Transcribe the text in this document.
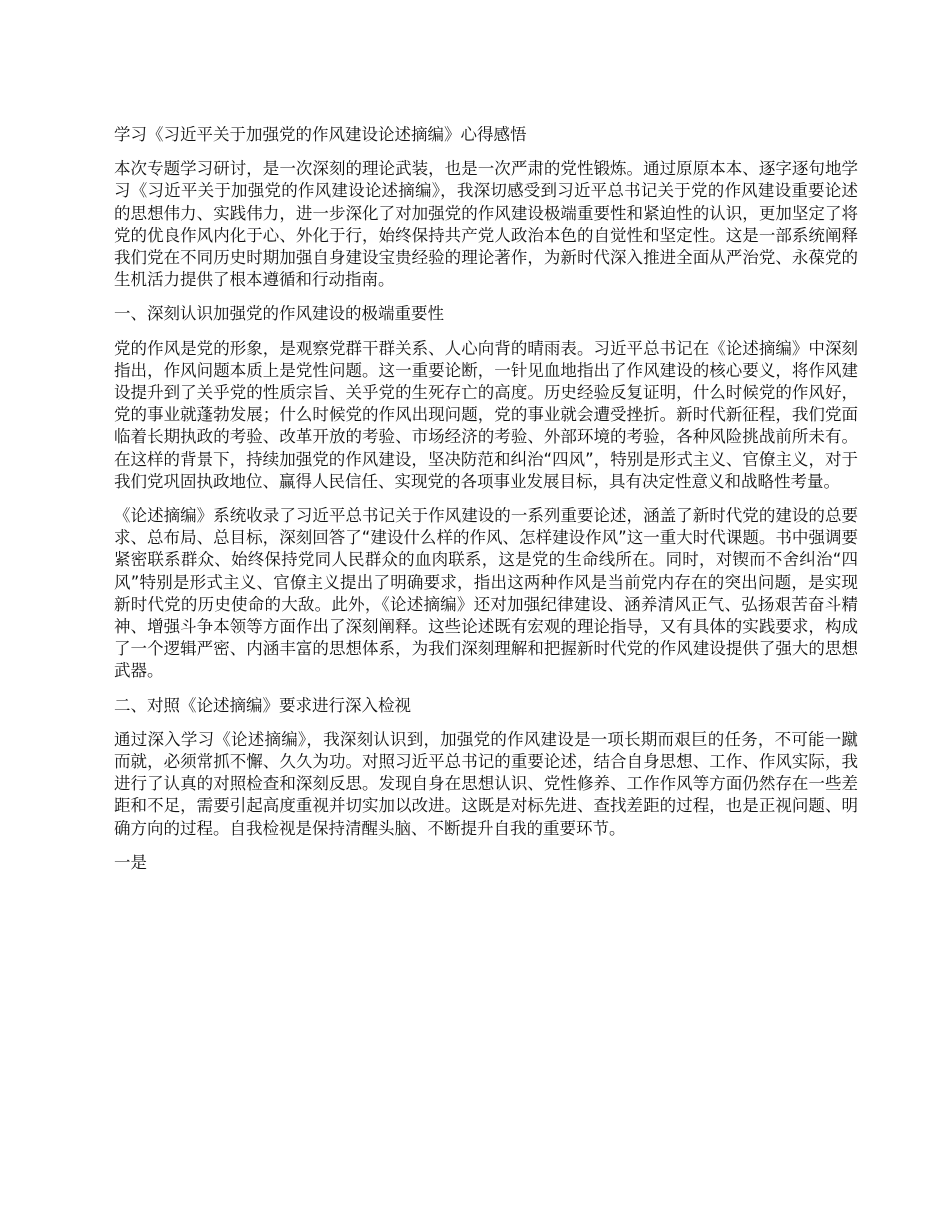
学习《习近平关于加强党的作风建设论述摘编》心得感悟

本次专题学习研讨，是一次深刻的理论武装，也是一次严肃的党性锻炼。通过原原本本、逐字逐句地学习《习近平关于加强党的作风建设论述摘编》，我深切感受到习近平总书记关于党的作风建设重要论述的思想伟力、实践伟力，进一步深化了对加强党的作风建设极端重要性和紧迫性的认识，更加坚定了将党的优良作风内化于心、外化于行，始终保持共产党人政治本色的自觉性和坚定性。这是一部系统阐释我们党在不同历史时期加强自身建设宝贵经验的理论著作，为新时代深入推进全面从严治党、永葆党的生机活力提供了根本遵循和行动指南。

一、深刻认识加强党的作风建设的极端重要性

党的作风是党的形象，是观察党群干群关系、人心向背的晴雨表。习近平总书记在《论述摘编》中深刻指出，作风问题本质上是党性问题。这一重要论断，一针见血地指出了作风建设的核心要义，将作风建设提升到了关乎党的性质宗旨、关乎党的生死存亡的高度。历史经验反复证明，什么时候党的作风好，党的事业就蓬勃发展；什么时候党的作风出现问题，党的事业就会遭受挫折。新时代新征程，我们党面临着长期执政的考验、改革开放的考验、市场经济的考验、外部环境的考验，各种风险挑战前所未有。在这样的背景下，持续加强党的作风建设，坚决防范和纠治“四风”，特别是形式主义、官僚主义，对于我们党巩固执政地位、赢得人民信任、实现党的各项事业发展目标，具有决定性意义和战略性考量。

《论述摘编》系统收录了习近平总书记关于作风建设的一系列重要论述，涵盖了新时代党的建设的总要求、总布局、总目标，深刻回答了“建设什么样的作风、怎样建设作风”这一重大时代课题。书中强调要紧密联系群众、始终保持党同人民群众的血肉联系，这是党的生命线所在。同时，对锲而不舍纠治“四风”特别是形式主义、官僚主义提出了明确要求，指出这两种作风是当前党内存在的突出问题，是实现新时代党的历史使命的大敌。此外，《论述摘编》还对加强纪律建设、涵养清风正气、弘扬艰苦奋斗精神、增强斗争本领等方面作出了深刻阐释。这些论述既有宏观的理论指导，又有具体的实践要求，构成了一个逻辑严密、内涵丰富的思想体系，为我们深刻理解和把握新时代党的作风建设提供了强大的思想武器。

二、对照《论述摘编》要求进行深入检视

通过深入学习《论述摘编》，我深刻认识到，加强党的作风建设是一项长期而艰巨的任务，不可能一蹴而就，必须常抓不懈、久久为功。对照习近平总书记的重要论述，结合自身思想、工作、作风实际，我进行了认真的对照检查和深刻反思。发现自身在思想认识、党性修养、工作作风等方面仍然存在一些差距和不足，需要引起高度重视并切实加以改进。这既是对标先进、查找差距的过程，也是正视问题、明确方向的过程。自我检视是保持清醒头脑、不断提升自我的重要环节。

一是
